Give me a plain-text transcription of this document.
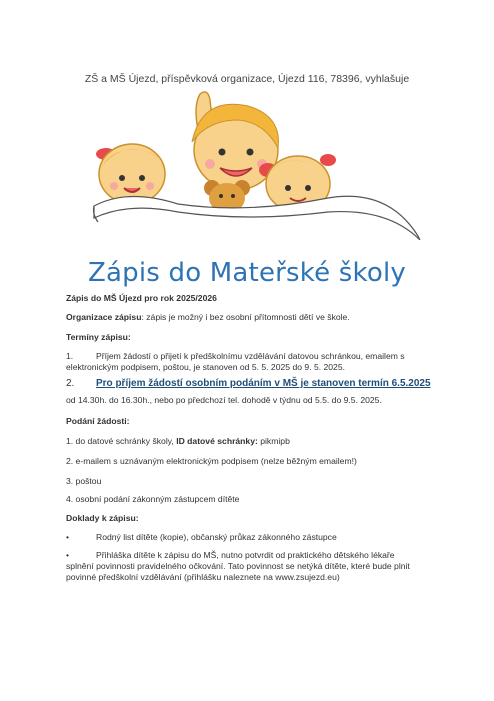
ZŠ a MŠ Újezd, příspěvková organizace, Újezd 116, 78396, vyhlašuje
Zápis do Mateřské školy
Zápis do MŠ Újezd pro rok 2025/2026
Organizace zápisu: zápis je možný i bez osobní přítomnosti dětí ve škole.
Termíny zápisu:
1.	Příjem žádostí o přijetí k předškolnímu vzdělávání datovou schránkou, emailem s
elektronickým podpisem, poštou, je stanoven od 5. 5. 2025 do 9. 5. 2025.
2. Pro příjem žádostí osobním podáním v MŠ je stanoven termín 6.5.2025
od 14.30h. do 16.30h., nebo po předchozí tel. dohodě v týdnu od 5.5. do 9.5. 2025.
Podání žádosti:
1. do datové schránky školy, ID datové schránky: pikmipb
2. e-mailem s uznávaným elektronickým podpisem (nelze běžným emailem!)
3. poštou
4. osobní podání zákonným zástupcem dítěte
Doklady k zápisu:
•	Rodný list dítěte (kopie), občanský průkaz zákonného zástupce
•	Přihláška dítěte k zápisu do MŠ, nutno potvrdit od praktického dětského lékaře
splnění povinnosti pravidelného očkování. Tato povinnost se netýká dítěte, které bude plnit
povinné předškolní vzdělávání (přihlášku naleznete na www.zsujezd.eu)
